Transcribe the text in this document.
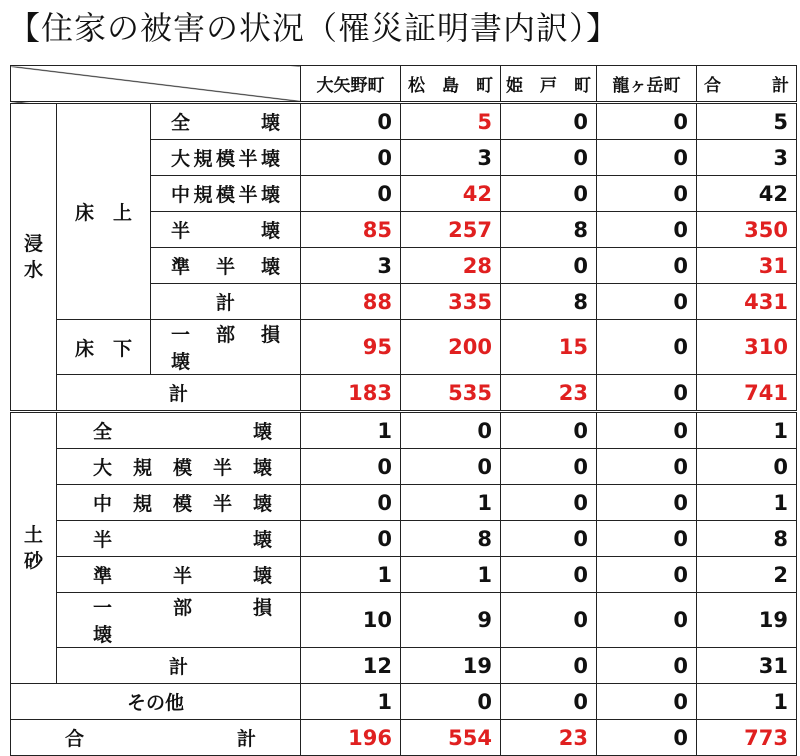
【住家の被害の状況（罹災証明書内訳）】
			大矢野町	松　島　町	姫　戸　町	龍ヶ岳町	合　　　計
浸水	床　上	全　　壊	0	5	0	0	5
		大規模半壊	0	3	0	0	3
		中規模半壊	0	42	0	0	42
		半　　壊	85	257	8	0	350
		準　半　壊	3	28	0	0	31
		計	88	335	8	0	431
	床　下	一　部　損　壊	95	200	15	0	310
	計		183	535	23	0	741
土砂	全　　　　壊		1	0	0	0	1
	大　規　模　半　壊		0	0	0	0	0
	中　規　模　半　壊		0	1	0	0	1
	半　　　　壊		0	8	0	0	8
	準　　半　　壊		1	1	0	0	2
	一　　部　　損　　壊		10	9	0	0	19
	計		12	19	0	0	31
その他			1	0	0	0	1
合　　　　計			196	554	23	0	773
